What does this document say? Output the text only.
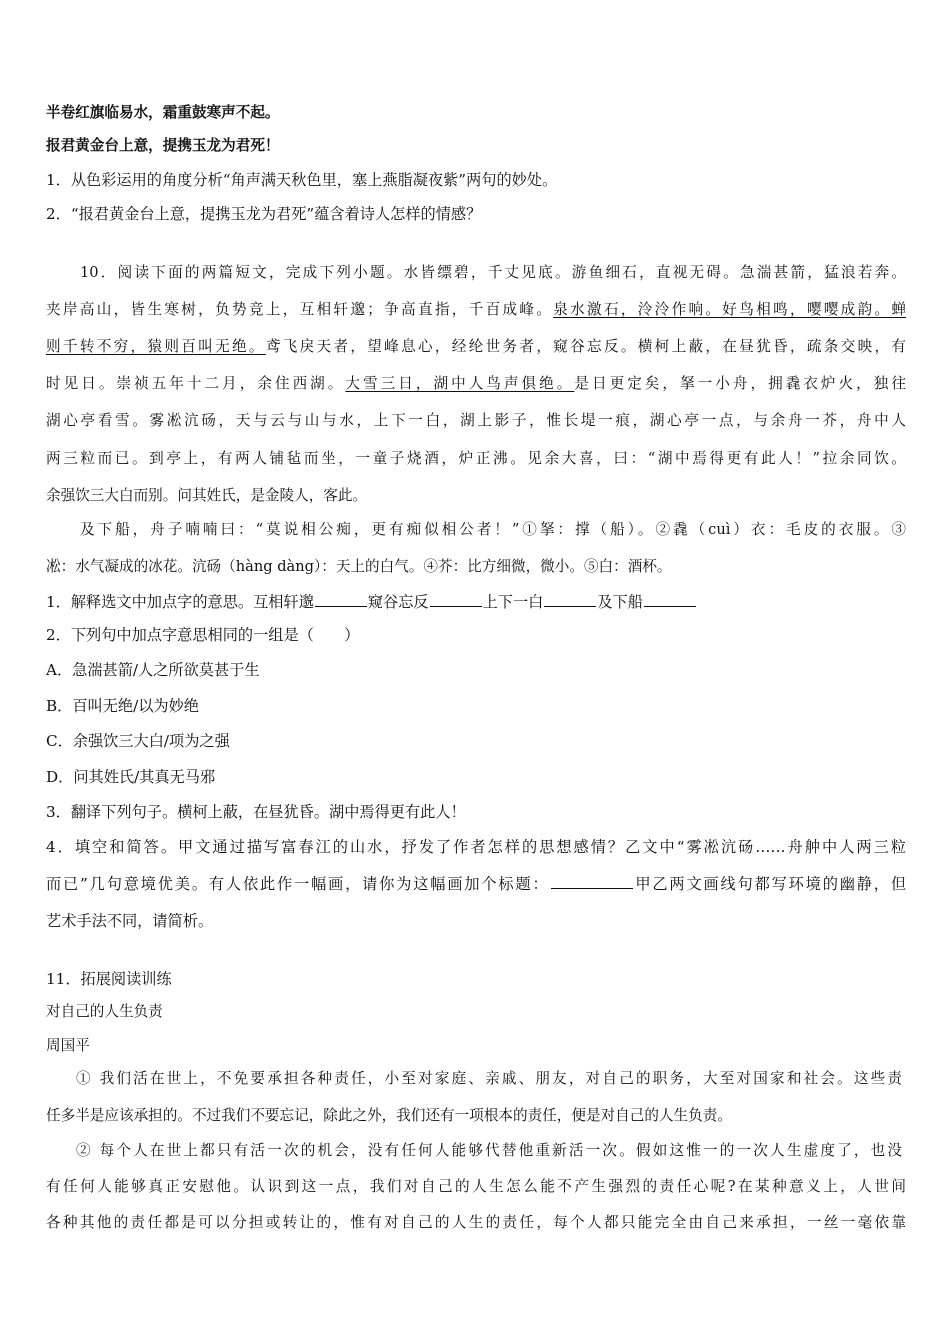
半卷红旗临易水，霜重鼓寒声不起。
报君黄金台上意，提携玉龙为君死！
1．从色彩运用的角度分析“角声满天秋色里，塞上燕脂凝夜紫”两句的妙处。
2．“报君黄金台上意，提携玉龙为君死”蕴含着诗人怎样的情感？
10．阅读下面的两篇短文，完成下列小题。水皆缥碧，千丈见底。游鱼细石，直视无碍。急湍甚箭，猛浪若奔。
夹岸高山，皆生寒树，负势竞上，互相轩邈；争高直指，千百成峰。泉水激石，泠泠作响。好鸟相鸣，嘤嘤成韵。蝉
则千转不穷，猿则百叫无绝。鸢飞戾天者，望峰息心，经纶世务者，窥谷忘反。横柯上蔽，在昼犹昏，疏条交映，有
时见日。崇祯五年十二月，余住西湖。大雪三日，湖中人鸟声俱绝。是日更定矣，拏一小舟，拥毳衣炉火，独往
湖心亭看雪。雾凇沆砀，天与云与山与水，上下一白，湖上影子，惟长堤一痕，湖心亭一点，与余舟一芥，舟中人
两三粒而已。到亭上，有两人铺毡而坐，一童子烧酒，炉正沸。见余大喜，曰：“湖中焉得更有此人！”拉余同饮。
余强饮三大白而别。问其姓氏，是金陵人，客此。
及下船，舟子喃喃曰：“莫说相公痴，更有痴似相公者！”①拏：撑（船）。②毳（cuì）衣：毛皮的衣服。③
凇：水气凝成的冰花。沆砀（hàng dàng）：天上的白气。④芥：比方细微，微小。⑤白：酒杯。
1．解释选文中加点字的意思。互相轩邈	窥谷忘反	上下一白	及下船
2．下列句中加点字意思相同的一组是（　　）
A．急湍甚箭/人之所欲莫甚于生
B．百叫无绝/以为妙绝
C．余强饮三大白/项为之强
D．问其姓氏/其真无马邪
3．翻译下列句子。横柯上蔽，在昼犹昏。湖中焉得更有此人！
4．填空和简答。甲文通过描写富春江的山水，抒发了作者怎样的思想感情？乙文中“雾凇沆砀……舟舯中人两三粒
而已”几句意境优美。有人依此作一幅画，请你为这幅画加个标题：	甲乙两文画线句都写环境的幽静，但
艺术手法不同，请简析。
11．拓展阅读训练
对自己的人生负责
周国平
① 我们活在世上，不免要承担各种责任，小至对家庭、亲戚、朋友，对自己的职务，大至对国家和社会。这些责
任多半是应该承担的。不过我们不要忘记，除此之外，我们还有一项根本的责任，便是对自己的人生负责。
② 每个人在世上都只有活一次的机会，没有任何人能够代替他重新活一次。假如这惟一的一次人生虚度了，也没
有任何人能够真正安慰他。认识到这一点，我们对自己的人生怎么能不产生强烈的责任心呢?在某种意义上，人世间
各种其他的责任都是可以分担或转让的，惟有对自己的人生的责任，每个人都只能完全由自己来承担，一丝一毫依靠
